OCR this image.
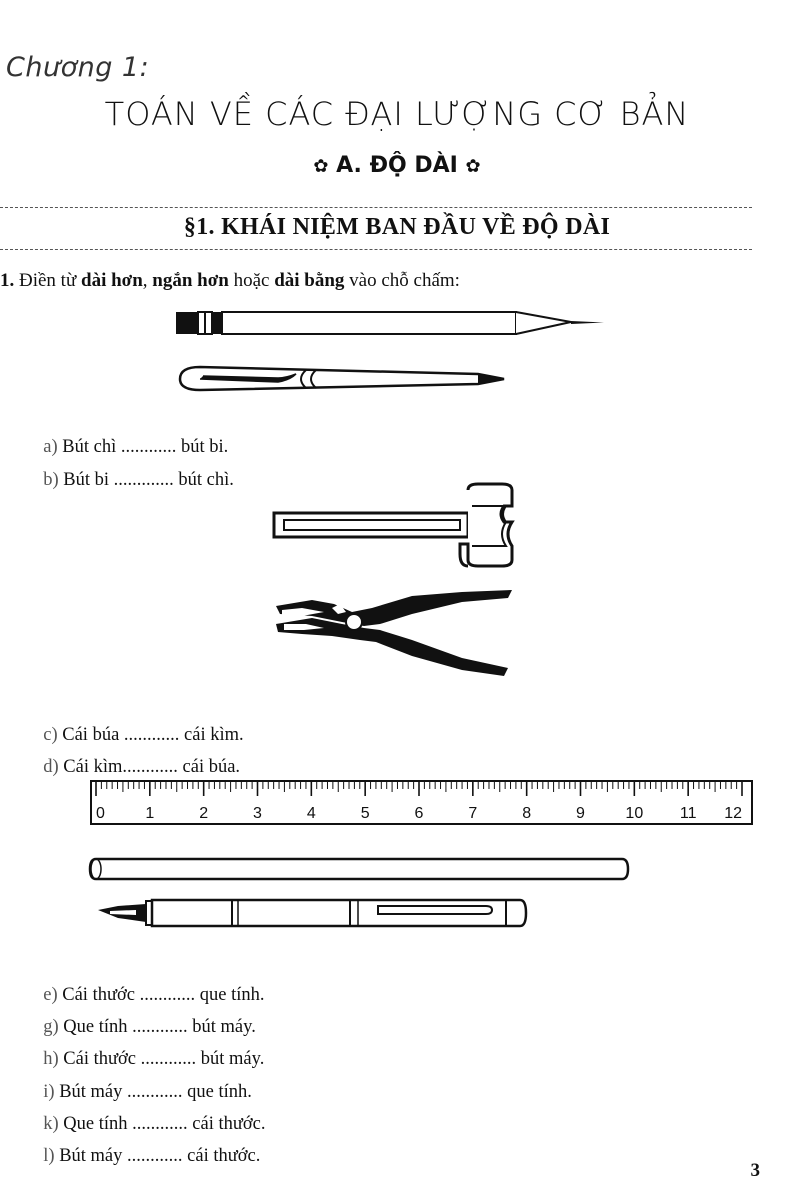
Chương 1:
TOÁN VỀ CÁC ĐẠI LƯỢNG CƠ BẢN
✿ A. ĐỘ DÀI ✿
§1. KHÁI NIỆM BAN ĐẦU VỀ ĐỘ DÀI
1. Điền từ dài hơn, ngắn hơn hoặc dài bằng vào chỗ chấm:

a) Bút chì ............ bút bi.

b) Bút bi ............. bút chì.

c) Cái búa ............ cái kìm.

d) Cái kìm............ cái búa.

0	1	2	3	4	5	6	7	8	9	10 11 12

e) Cái thước ............ que tính.

g) Que tính ............ bút máy.

h) Cái thước ............ bút máy.

i) Bút máy ............ que tính.

k) Que tính ............ cái thước.

l) Bút máy ............ cái thước.

3
